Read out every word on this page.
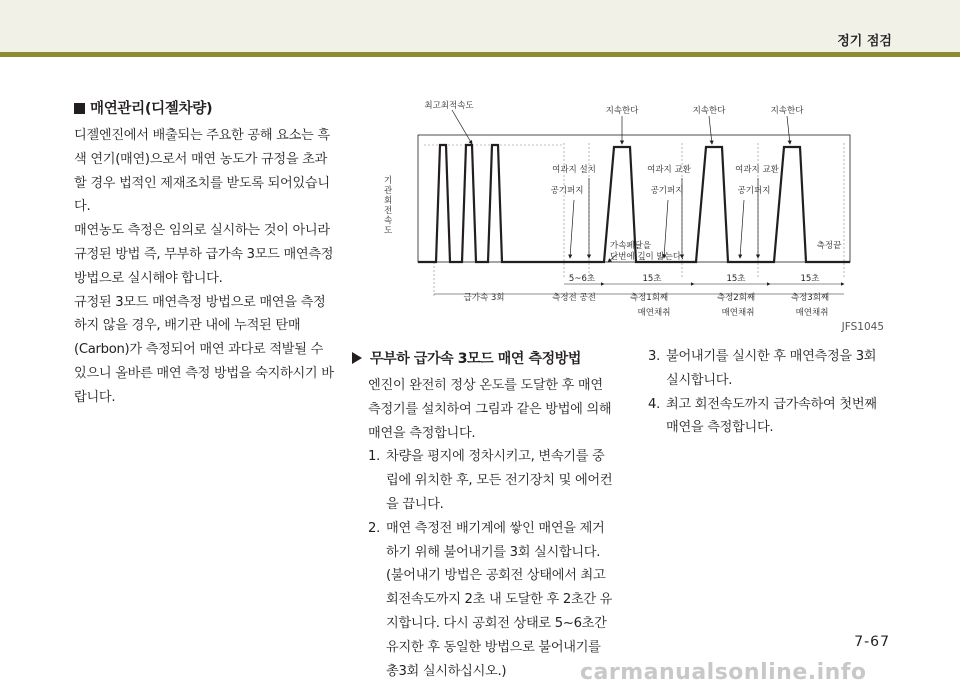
정기 점검
매연관리(디젤차량)
디젤엔진에서 배출되는 주요한 공해 요소는 흑색 연기(매연)으로서 매연 농도가 규정을 초과할 경우 법적인 제재조치를 받도록 되어있습니다.
매연농도 측정은 임의로 실시하는 것이 아니라 규정된 방법 즉, 무부하 급가속 3모드 매연측정방법으로 실시해야 합니다.
규정된 3모드 매연측정 방법으로 매연을 측정하지 않을 경우, 배기관 내에 누적된 탄매(Carbon)가 측정되어 매연 과다로 적발될 수 있으니 올바른 매연 측정 방법을 숙지하시기 바랍니다.
기 관 회 전 속 도
최고최적속도	지속한다	지속한다	지속한다
여과지 설치	여과지 교환	여과지 교환
공기퍼지	공기퍼지	공기퍼지
5~6초	15초	15초	15초
급가속 3회	측정전 공전	측정1회째	측정2회째	측정3회째
매연채취	매연채취	매연채취
측정끝
가속페달을
단번에 깊이 밟는다.
JFS1045
무부하 급가속 3모드 매연 측정방법

엔진이 완전히 정상 온도를 도달한 후 매연 측정기를 설치하여 그림과 같은 방법에 의해 매연을 측정합니다.

1. 차량을 평지에 정차시키고, 변속기를 중립에 위치한 후, 모든 전기장치 및 에어컨을 끕니다.

2. 매연 측정전 배기계에 쌓인 매연을 제거 하기 위해 불어내기를 3회 실시합니다.(불어내기 방법은 공회전 상태에서 최고 회전속도까지 2초 내 도달한 후 2초간 유지합니다. 다시 공회전 상태로 5~6초간 유지한 후 동일한 방법으로 불어내기를 총3회 실시하십시오.)

3. 불어내기를 실시한 후 매연측정을 3회 실시합니다.

4. 최고 회전속도까지 급가속하여 첫번째 매연을 측정합니다.

7-67
carmanualsonline.info
